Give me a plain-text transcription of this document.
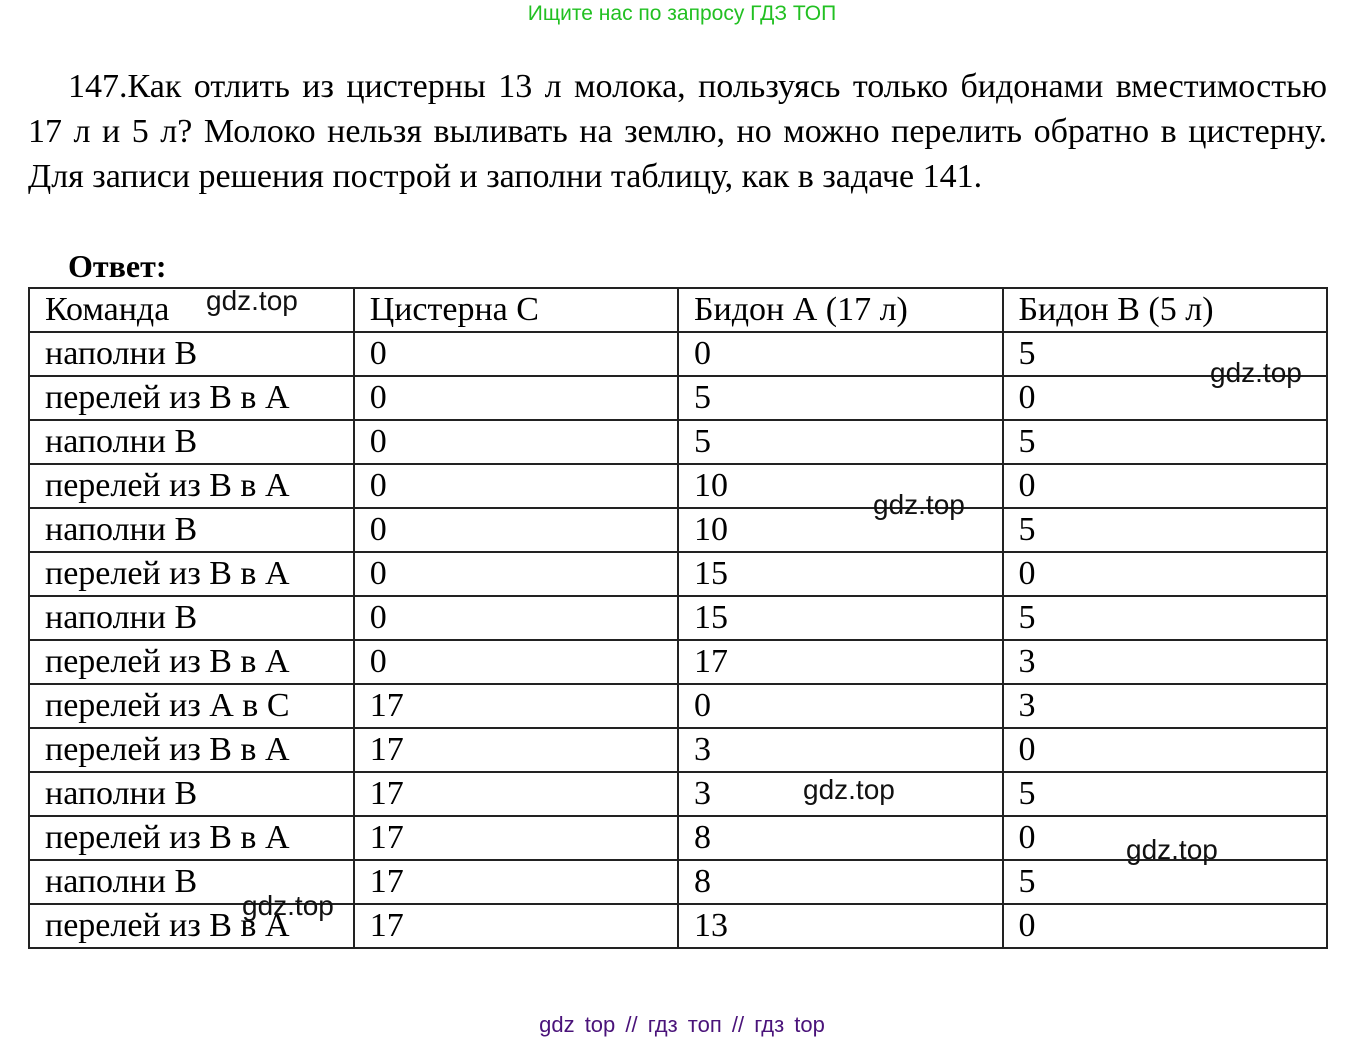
Ищите нас по запросу ГДЗ ТОП
147.Как отлить из цистерны 13 л молока, пользуясь только бидонами вместимостью 17 л и 5 л? Молоко нельзя выливать на землю, но можно перелить обратно в цистерну. Для записи решения построй и заполни таблицу, как в задаче 141.
Ответ:
Команда	Цистерна С	Бидон А (17 л)	Бидон В (5 л)
наполни В	0	0	5
перелей из В в А	0	5	0
наполни В	0	5	5
перелей из В в А	0	10	0
наполни В	0	10	5
перелей из В в А	0	15	0
наполни В	0	15	5
перелей из В в А	0	17	3
перелей из А в С	17	0	3
перелей из В в А	17	3	0
наполни В	17	3	5
перелей из В в А	17	8	0
наполни В	17	8	5
перелей из В в А	17	13	0
gdz.top
gdz.top
gdz.top
gdz.top
gdz.top
gdz.top
gdz top // гдз топ // гдз top
